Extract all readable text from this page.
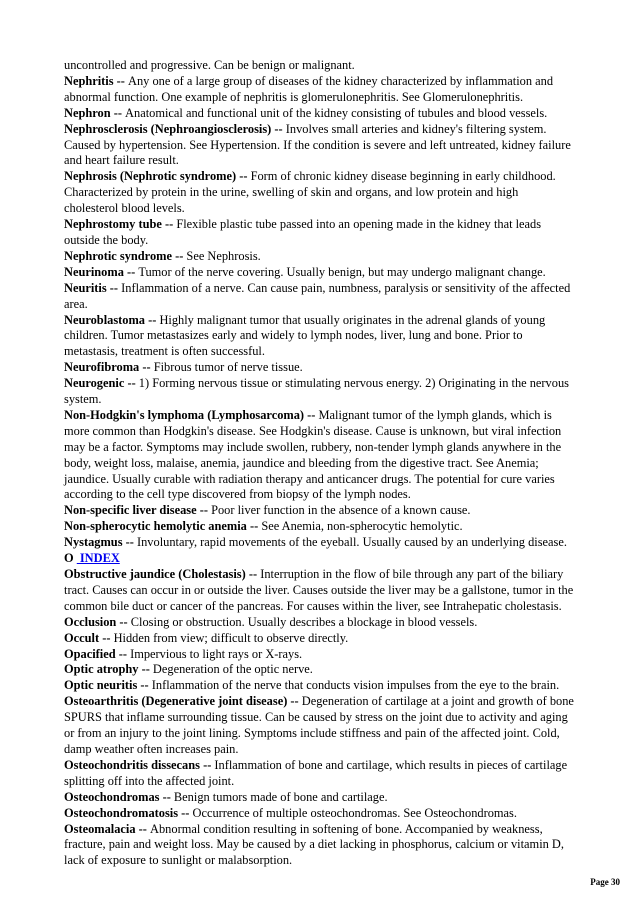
uncontrolled and progressive. Can be benign or malignant.

Nephritis -- Any one of a large group of diseases of the kidney characterized by inflammation and abnormal function. One example of nephritis is glomerulonephritis. See Glomerulonephritis.

Nephron -- Anatomical and functional unit of the kidney consisting of tubules and blood vessels.

Nephrosclerosis (Nephroangiosclerosis) -- Involves small arteries and kidney's filtering system. Caused by hypertension. See Hypertension. If the condition is severe and left untreated, kidney failure and heart failure result.

Nephrosis (Nephrotic syndrome) -- Form of chronic kidney disease beginning in early childhood. Characterized by protein in the urine, swelling of skin and organs, and low protein and high cholesterol blood levels.

Nephrostomy tube -- Flexible plastic tube passed into an opening made in the kidney that leads outside the body.

Nephrotic syndrome -- See Nephrosis.

Neurinoma -- Tumor of the nerve covering. Usually benign, but may undergo malignant change.

Neuritis -- Inflammation of a nerve. Can cause pain, numbness, paralysis or sensitivity of the affected area.

Neuroblastoma -- Highly malignant tumor that usually originates in the adrenal glands of young children. Tumor metastasizes early and widely to lymph nodes, liver, lung and bone. Prior to metastasis, treatment is often successful.

Neurofibroma -- Fibrous tumor of nerve tissue.

Neurogenic -- 1) Forming nervous tissue or stimulating nervous energy. 2) Originating in the nervous system.

Non-Hodgkin's lymphoma (Lymphosarcoma) -- Malignant tumor of the lymph glands, which is more common than Hodgkin's disease. See Hodgkin's disease. Cause is unknown, but viral infection may be a factor. Symptoms may include swollen, rubbery, non-tender lymph glands anywhere in the body, weight loss, malaise, anemia, jaundice and bleeding from the digestive tract. See Anemia; jaundice. Usually curable with radiation therapy and anticancer drugs. The potential for cure varies according to the cell type discovered from biopsy of the lymph nodes.

Non-specific liver disease -- Poor liver function in the absence of a known cause.

Non-spherocytic hemolytic anemia -- See Anemia, non-spherocytic hemolytic.

Nystagmus -- Involuntary, rapid movements of the eyeball. Usually caused by an underlying disease.

O  INDEX

Obstructive jaundice (Cholestasis) -- Interruption in the flow of bile through any part of the biliary tract. Causes can occur in or outside the liver. Causes outside the liver may be a gallstone, tumor in the common bile duct or cancer of the pancreas. For causes within the liver, see Intrahepatic cholestasis.

Occlusion -- Closing or obstruction. Usually describes a blockage in blood vessels.

Occult -- Hidden from view; difficult to observe directly.

Opacified -- Impervious to light rays or X-rays.

Optic atrophy -- Degeneration of the optic nerve.

Optic neuritis -- Inflammation of the nerve that conducts vision impulses from the eye to the brain.

Osteoarthritis (Degenerative joint disease) -- Degeneration of cartilage at a joint and growth of bone SPURS that inflame surrounding tissue. Can be caused by stress on the joint due to activity and aging or from an injury to the joint lining. Symptoms include stiffness and pain of the affected joint. Cold, damp weather often increases pain.

Osteochondritis dissecans -- Inflammation of bone and cartilage, which results in pieces of cartilage splitting off into the affected joint.

Osteochondromas -- Benign tumors made of bone and cartilage.

Osteochondromatosis -- Occurrence of multiple osteochondromas. See Osteochondromas.

Osteomalacia -- Abnormal condition resulting in softening of bone. Accompanied by weakness, fracture, pain and weight loss. May be caused by a diet lacking in phosphorus, calcium or vitamin D, lack of exposure to sunlight or malabsorption.

Page 30
